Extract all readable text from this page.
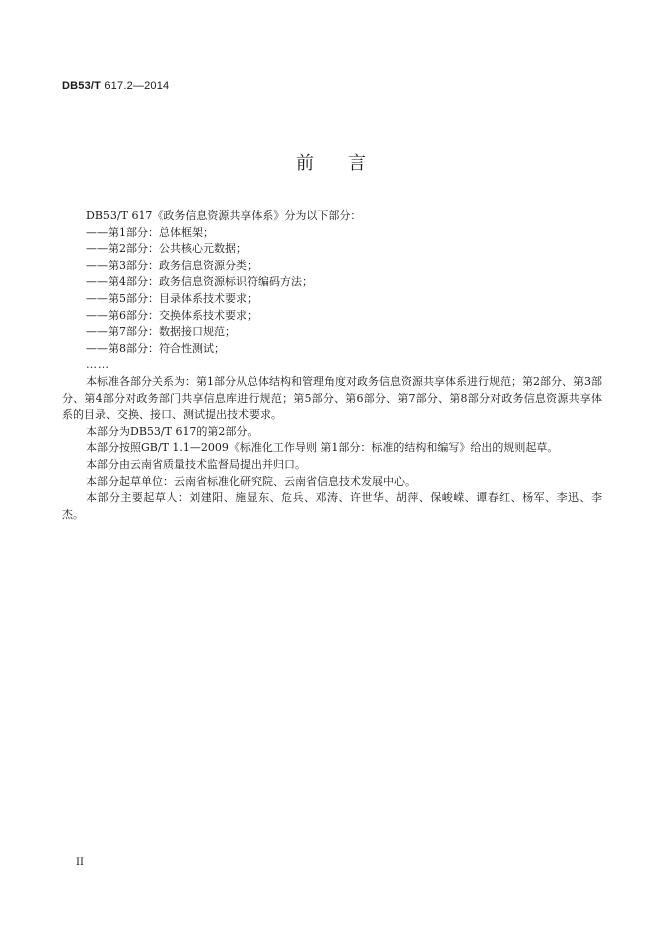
DB53/T 617.2—2014
前 言
DB53/T 617《政务信息资源共享体系》分为以下部分：
——第1部分：总体框架；
——第2部分：公共核心元数据；
——第3部分：政务信息资源分类；
——第4部分：政务信息资源标识符编码方法；
——第5部分：目录体系技术要求；
——第6部分：交换体系技术要求；
——第7部分：数据接口规范；
——第8部分：符合性测试；
……
本标准各部分关系为：第1部分从总体结构和管理角度对政务信息资源共享体系进行规范；第2部分、第3部分、第4部分对政务部门共享信息库进行规范；第5部分、第6部分、第7部分、第8部分对政务信息资源共享体系的目录、交换、接口、测试提出技术要求。
本部分为DB53/T 617的第2部分。
本部分按照GB/T 1.1—2009《标准化工作导则 第1部分：标准的结构和编写》给出的规则起草。
本部分由云南省质量技术监督局提出并归口。
本部分起草单位：云南省标准化研究院、云南省信息技术发展中心。
本部分主要起草人：刘建阳、施显东、危兵、邓涛、许世华、胡萍、保峻嵘、谭春红、杨军、李迅、李杰。
II
